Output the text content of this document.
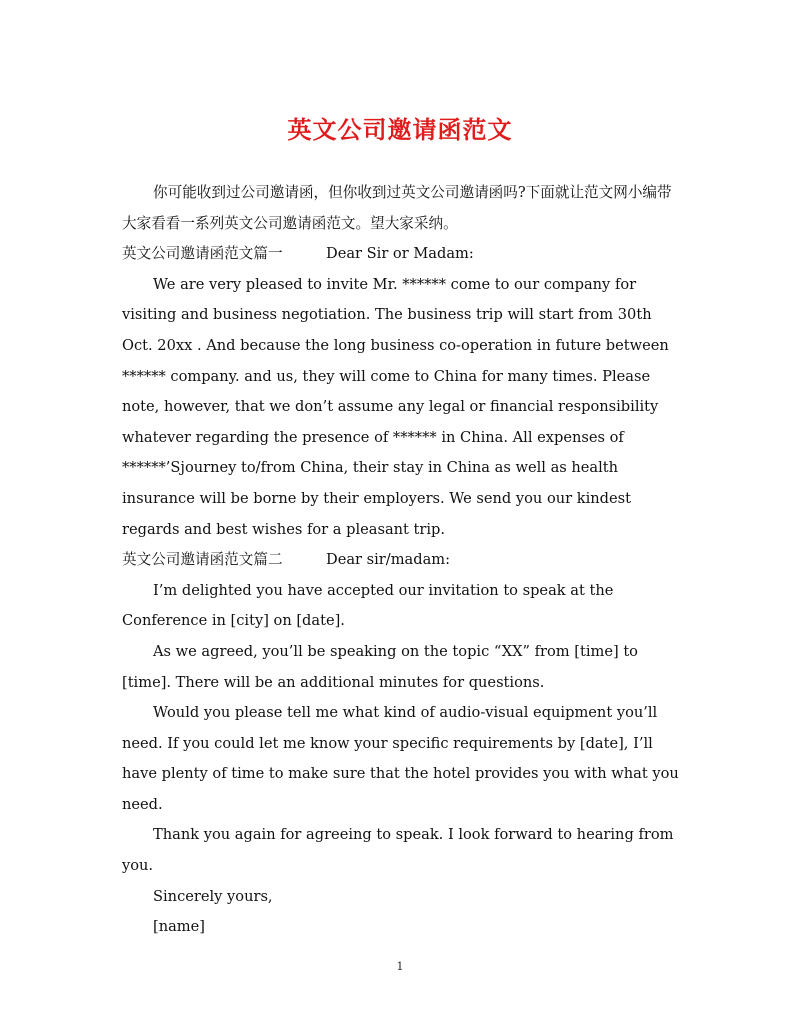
英文公司邀请函范文

你可能收到过公司邀请函，但你收到过英文公司邀请函吗?下面就让范文网小编带大家看看一系列英文公司邀请函范文。望大家采纳。

英文公司邀请函范文篇一	Dear Sir or Madam:

We are very pleased to invite Mr. ****** come to our company for visiting and business negotiation. The business trip will start from 30th Oct. 20xx . And because the long business co-operation in future between ****** company. and us, they will come to China for many times. Please note, however, that we don’t assume any legal or financial responsibility whatever regarding the presence of ****** in China. All expenses of ******’Sjourney to/from China, their stay in China as well as health insurance will be borne by their employers. We send you our kindest regards and best wishes for a pleasant trip.

英文公司邀请函范文篇二	Dear sir/madam:

I’m delighted you have accepted our invitation to speak at the Conference in [city] on [date].

As we agreed, you’ll be speaking on the topic “XX” from [time] to [time]. There will be an additional minutes for questions.

Would you please tell me what kind of audio-visual equipment you’ll need. If you could let me know your specific requirements by [date], I’ll have plenty of time to make sure that the hotel provides you with what you need.

Thank you again for agreeing to speak. I look forward to hearing from you.

Sincerely yours,

[name]

1
